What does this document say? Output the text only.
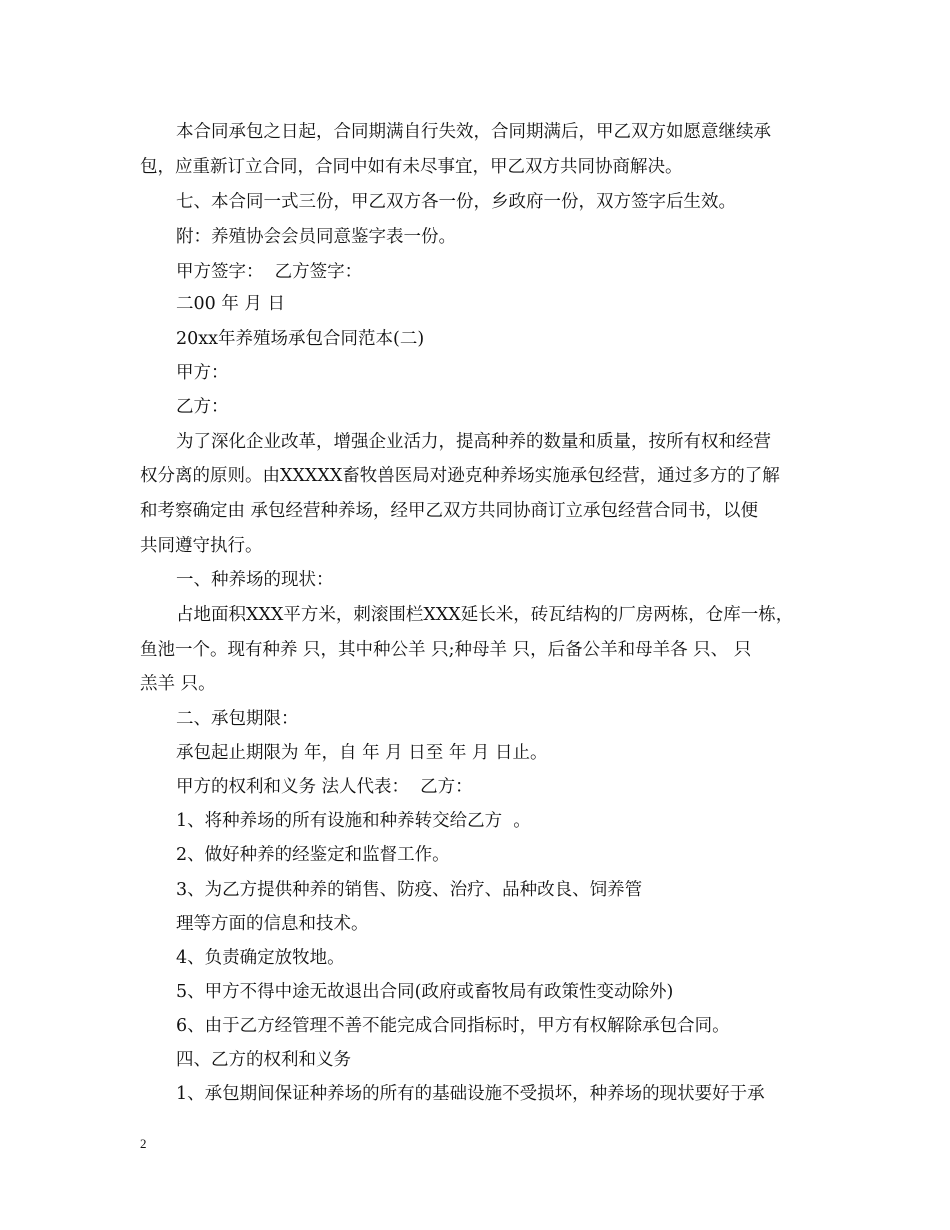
本合同承包之日起，合同期满自行失效，合同期满后，甲乙双方如愿意继续承
包，应重新订立合同，合同中如有未尽事宜，甲乙双方共同协商解决。
七、本合同一式三份，甲乙双方各一份，乡政府一份，双方签字后生效。
附：养殖协会会员同意鉴字表一份。
甲方签字：  乙方签字：
二00 年 月 日
20xx年养殖场承包合同范本(二)
甲方：
乙方：
为了深化企业改革，增强企业活力，提高种养的数量和质量，按所有权和经营
权分离的原则。由XXXXX畜牧兽医局对逊克种养场实施承包经营，通过多方的了解
和考察确定由 承包经营种养场，经甲乙双方共同协商订立承包经营合同书，以便
共同遵守执行。
一、种养场的现状：
占地面积XXX平方米，刺滚围栏XXX延长米，砖瓦结构的厂房两栋，仓库一栋，
鱼池一个。现有种养 只，其中种公羊 只;种母羊 只，后备公羊和母羊各 只、 只
羔羊 只。
二、承包期限：
承包起止期限为 年，自 年 月 日至 年 月 日止。
甲方的权利和义务 法人代表：  乙方：
1、将种养场的所有设施和种养转交给乙方  。
2、做好种养的经鉴定和监督工作。
3、为乙方提供种养的销售、防疫、治疗、品种改良、饲养管
理等方面的信息和技术。
4、负责确定放牧地。
5、甲方不得中途无故退出合同(政府或畜牧局有政策性变动除外)
6、由于乙方经管理不善不能完成合同指标时，甲方有权解除承包合同。
四、乙方的权利和义务
1、承包期间保证种养场的所有的基础设施不受损坏，种养场的现状要好于承
2
